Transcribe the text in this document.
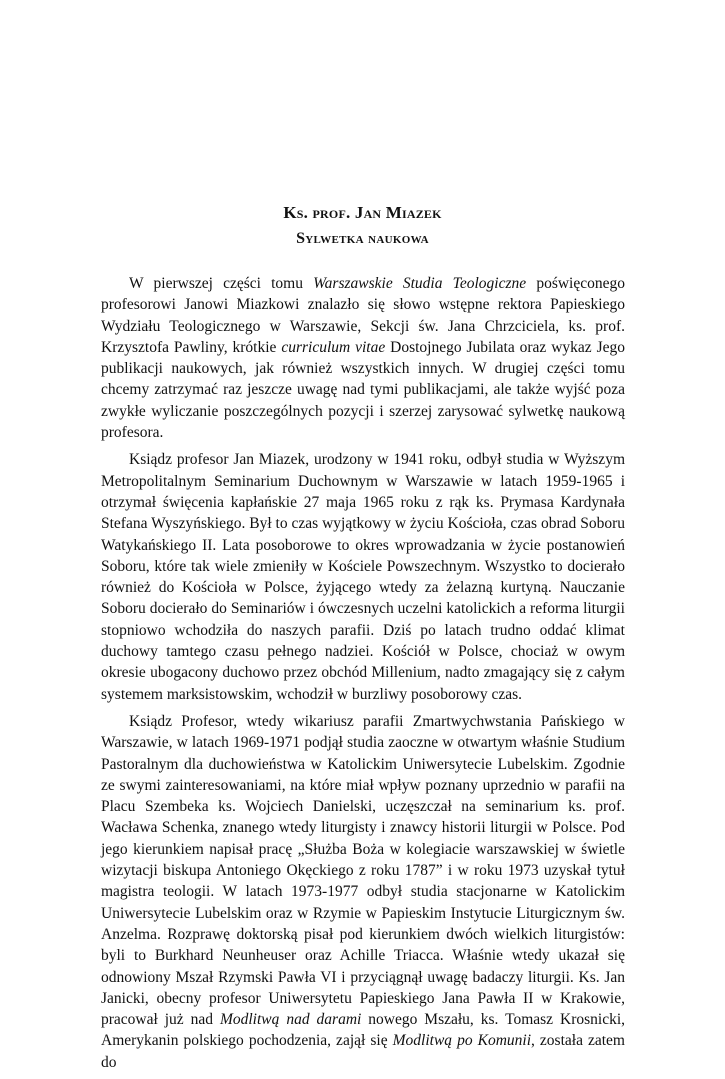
Ks. prof. Jan Miazek
Sylwetka naukowa

W pierwszej części tomu Warszawskie Studia Teologiczne poświęconego profesorowi Janowi Miazkowi znalazło się słowo wstępne rektora Papieskiego Wydziału Teologicznego w Warszawie, Sekcji św. Jana Chrzciciela, ks. prof. Krzysztofa Pawliny, krótkie curriculum vitae Dostojnego Jubilata oraz wykaz Jego publikacji naukowych, jak również wszystkich innych. W drugiej części tomu chcemy zatrzymać raz jeszcze uwagę nad tymi publikacjami, ale także wyjść poza zwykłe wyliczanie poszczególnych pozycji i szerzej zarysować sylwetkę naukową profesora.

Ksiądz profesor Jan Miazek, urodzony w 1941 roku, odbył studia w Wyższym Metropolitalnym Seminarium Duchownym w Warszawie w latach 1959-1965 i otrzymał święcenia kapłańskie 27 maja 1965 roku z rąk ks. Prymasa Kardynała Stefana Wyszyńskiego. Był to czas wyjątkowy w życiu Kościoła, czas obrad Soboru Watykańskiego II. Lata posoborowe to okres wprowadzania w życie postanowień Soboru, które tak wiele zmieniły w Kościele Powszechnym. Wszystko to docierało również do Kościoła w Polsce, żyjącego wtedy za żelazną kurtyną. Nauczanie Soboru docierało do Seminariów i ówczesnych uczelni katolickich a reforma liturgii stopniowo wchodziła do naszych parafii. Dziś po latach trudno oddać klimat duchowy tamtego czasu pełnego nadziei. Kościół w Polsce, chociaż w owym okresie ubogacony duchowo przez obchód Millenium, nadto zmagający się z całym systemem marksistowskim, wchodził w burzliwy posoborowy czas.

Ksiądz Profesor, wtedy wikariusz parafii Zmartwychwstania Pańskiego w Warszawie, w latach 1969-1971 podjął studia zaoczne w otwartym właśnie Studium Pastoralnym dla duchowieństwa w Katolickim Uniwersytecie Lubelskim. Zgodnie ze swymi zainteresowaniami, na które miał wpływ poznany uprzednio w parafii na Placu Szembeka ks. Wojciech Danielski, uczęszczał na seminarium ks. prof. Wacława Schenka, znanego wtedy liturgisty i znawcy historii liturgii w Polsce. Pod jego kierunkiem napisał pracę „Służba Boża w kolegiacie warszawskiej w świetle wizytacji biskupa Antoniego Okęckiego z roku 1787” i w roku 1973 uzyskał tytuł magistra teologii. W latach 1973-1977 odbył studia stacjonarne w Katolickim Uniwersytecie Lubelskim oraz w Rzymie w Papieskim Instytucie Liturgicznym św. Anzelma. Rozprawę doktorską pisał pod kierunkiem dwóch wielkich liturgistów: byli to Burkhard Neunheuser oraz Achille Triacca. Właśnie wtedy ukazał się odnowiony Mszał Rzymski Pawła VI i przyciągnął uwagę badaczy liturgii. Ks. Jan Janicki, obecny profesor Uniwersytetu Papieskiego Jana Pawła II w Krakowie, pracował już nad Modlitwą nad darami nowego Mszału, ks. Tomasz Krosnicki, Amerykanin polskiego pochodzenia, zajął się Modlitwą po Komunii, została zatem do
